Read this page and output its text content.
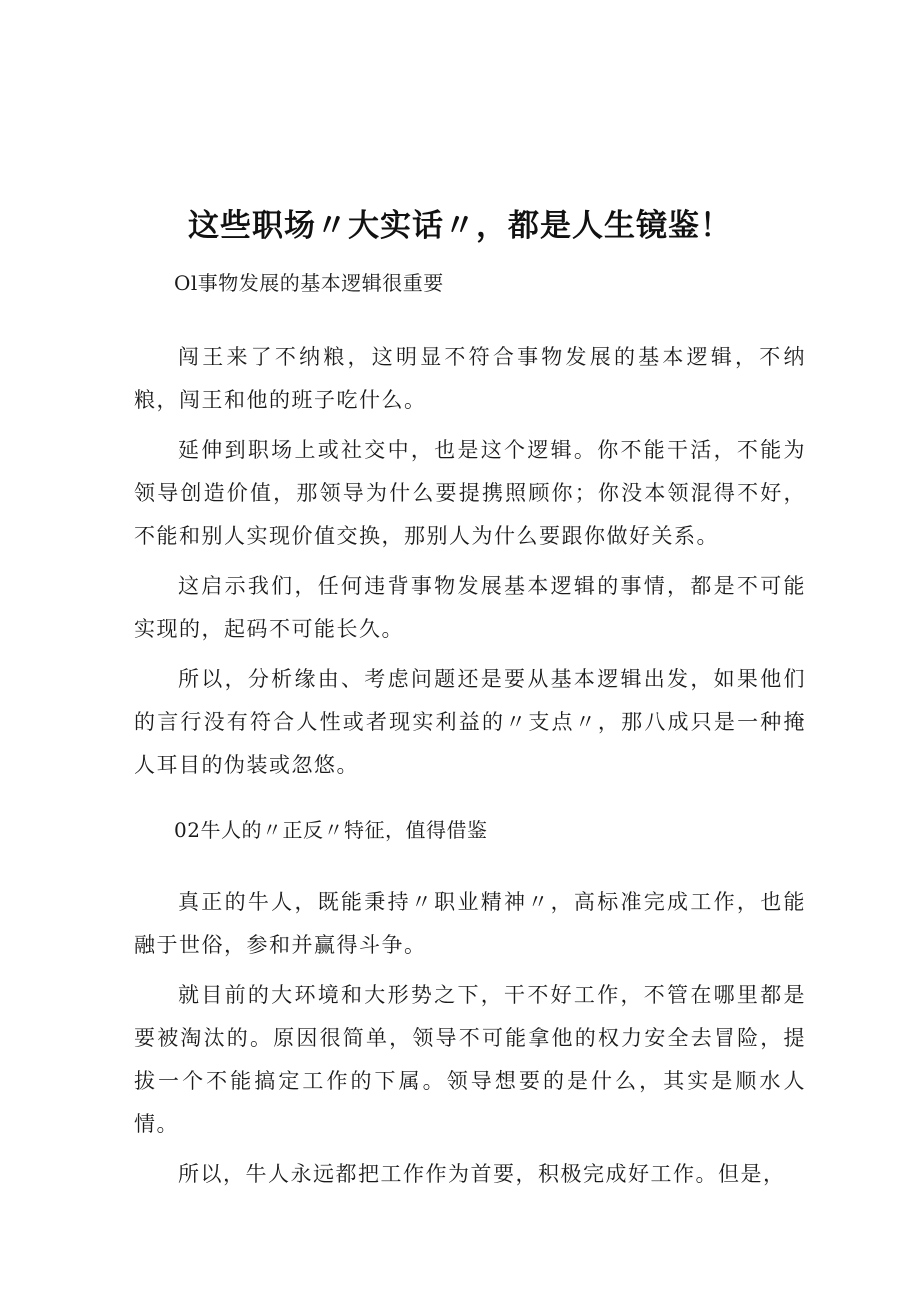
这些职场〃大实话〃，都是人生镜鉴！

Ol事物发展的基本逻辑很重要

闯王来了不纳粮，这明显不符合事物发展的基本逻辑，不纳粮，闯王和他的班子吃什么。

延伸到职场上或社交中，也是这个逻辑。你不能干活，不能为领导创造价值，那领导为什么要提携照顾你；你没本领混得不好，不能和别人实现价值交换，那别人为什么要跟你做好关系。

这启示我们，任何违背事物发展基本逻辑的事情，都是不可能实现的，起码不可能长久。

所以，分析缘由、考虑问题还是要从基本逻辑出发，如果他们的言行没有符合人性或者现实利益的〃支点〃，那八成只是一种掩人耳目的伪装或忽悠。

02牛人的〃正反〃特征，值得借鉴

真正的牛人，既能秉持〃职业精神〃，高标准完成工作，也能融于世俗，参和并赢得斗争。

就目前的大环境和大形势之下，干不好工作，不管在哪里都是要被淘汰的。原因很简单，领导不可能拿他的权力安全去冒险，提拔一个不能搞定工作的下属。领导想要的是什么，其实是顺水人情。

所以，牛人永远都把工作作为首要，积极完成好工作。但是，
